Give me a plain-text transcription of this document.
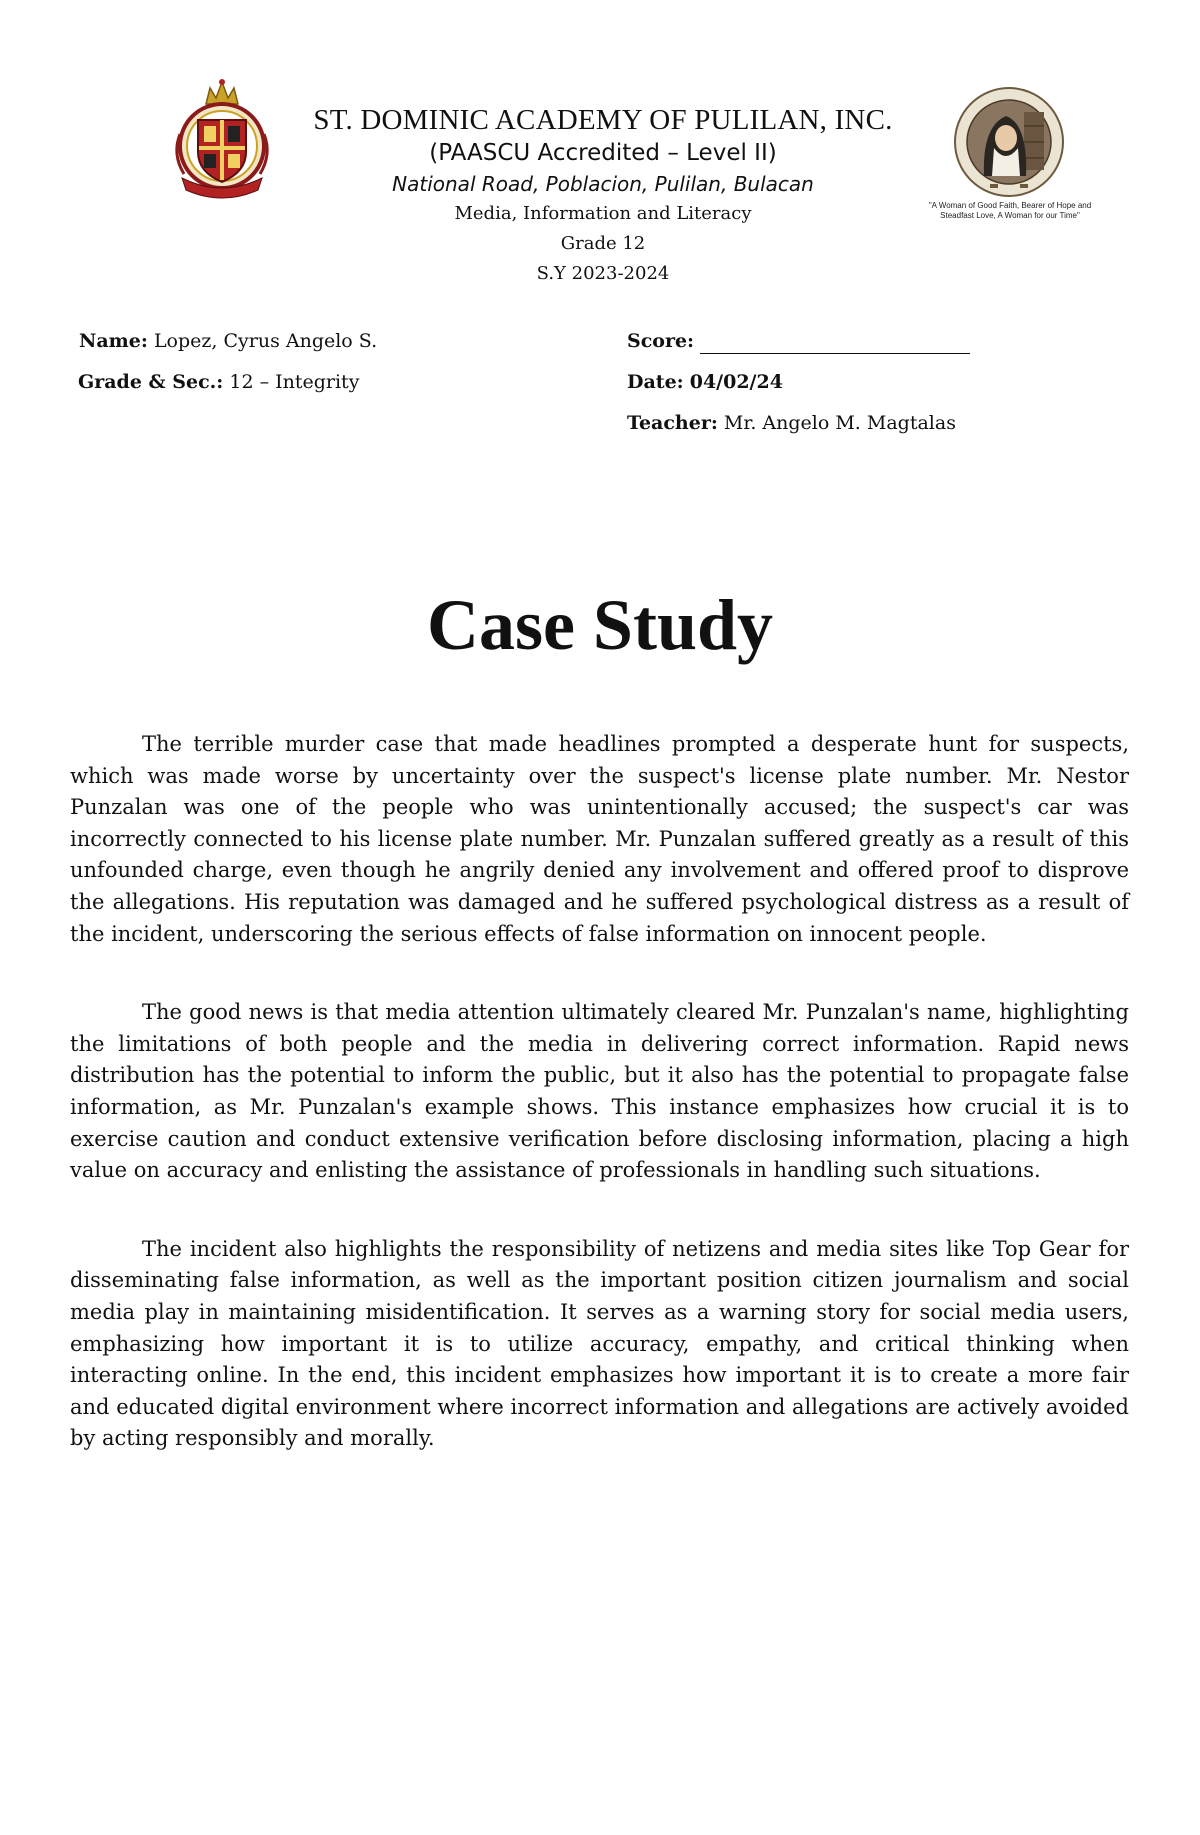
ST. DOMINIC ACADEMY OF PULILAN, INC.
(PAASCU Accredited – Level II)
National Road, Poblacion, Pulilan, Bulacan
Media, Information and Literacy
Grade 12
S.Y 2023-2024
"A Woman of Good Faith, Bearer of Hope and Steadfast Love, A Woman for our Time"
Name: Lopez, Cyrus Angelo S.
Grade & Sec.: 12 – Integrity
Score:
Date: 04/02/24
Teacher: Mr. Angelo M. Magtalas
Case Study

The terrible murder case that made headlines prompted a desperate hunt for suspects, which was made worse by uncertainty over the suspect's license plate number. Mr. Nestor Punzalan was one of the people who was unintentionally accused; the suspect's car was incorrectly connected to his license plate number. Mr. Punzalan suffered greatly as a result of this unfounded charge, even though he angrily denied any involvement and offered proof to disprove the allegations. His reputation was damaged and he suffered psychological distress as a result of the incident, underscoring the serious effects of false information on innocent people.

The good news is that media attention ultimately cleared Mr. Punzalan's name, highlighting the limitations of both people and the media in delivering correct information. Rapid news distribution has the potential to inform the public, but it also has the potential to propagate false information, as Mr. Punzalan's example shows. This instance emphasizes how crucial it is to exercise caution and conduct extensive verification before disclosing information, placing a high value on accuracy and enlisting the assistance of professionals in handling such situations.

The incident also highlights the responsibility of netizens and media sites like Top Gear for disseminating false information, as well as the important position citizen journalism and social media play in maintaining misidentification. It serves as a warning story for social media users, emphasizing how important it is to utilize accuracy, empathy, and critical thinking when interacting online. In the end, this incident emphasizes how important it is to create a more fair and educated digital environment where incorrect information and allegations are actively avoided by acting responsibly and morally.
